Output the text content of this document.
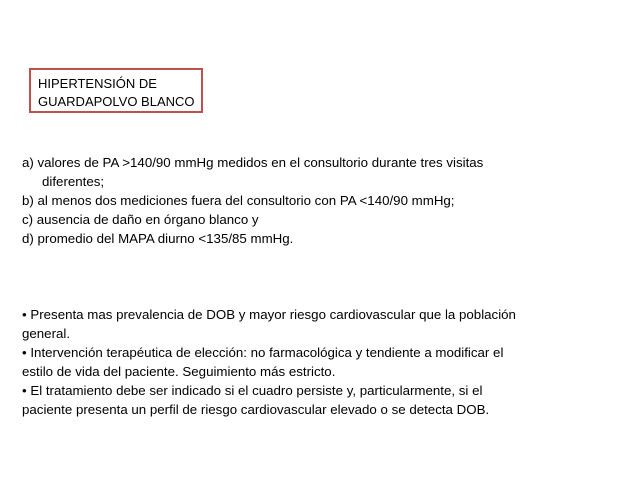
HIPERTENSIÓN DE
GUARDAPOLVO BLANCO
a) valores de PA >140/90 mmHg medidos en el consultorio durante tres visitas
diferentes;
b) al menos dos mediciones fuera del consultorio con PA <140/90 mmHg;
c) ausencia de daño en órgano blanco y
d) promedio del MAPA diurno <135/85 mmHg.
• Presenta mas prevalencia de DOB y mayor riesgo cardiovascular que la población
general.
• Intervención terapéutica de elección: no farmacológica y tendiente a modificar el
estilo de vida del paciente. Seguimiento más estricto.
• El tratamiento debe ser indicado si el cuadro persiste y, particularmente, si el
paciente presenta un perfil de riesgo cardiovascular elevado o se detecta DOB.
